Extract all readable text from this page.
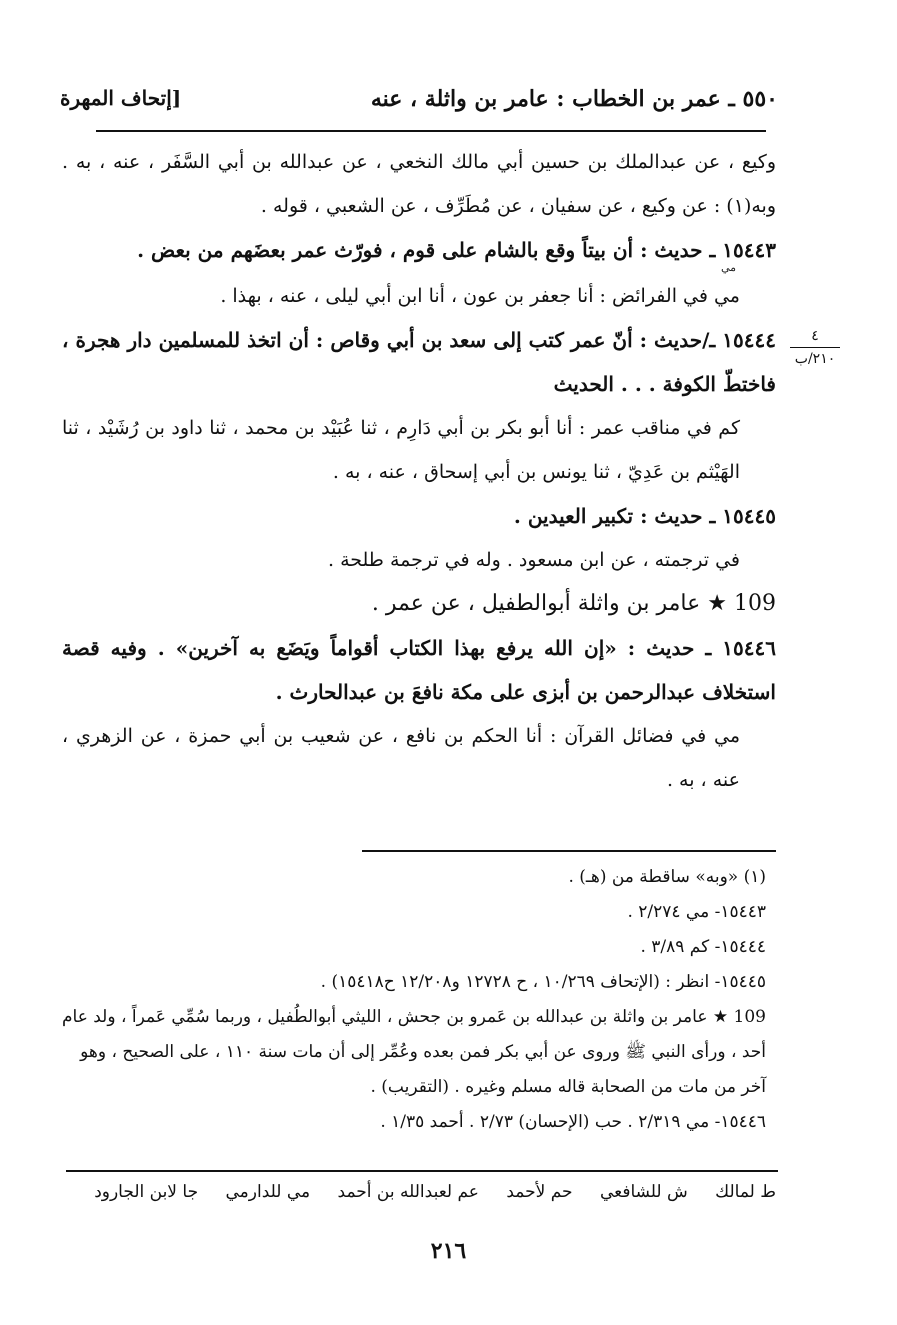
٥٥٠ ـ عمر بن الخطاب : عامر بن واثلة ، عنه
[إتحاف المهرة
٤
٢١٠/ب

وكيع ، عن عبدالملك بن حسين أبي مالك النخعي ، عن عبدالله بن أبي السَّفَر ، عنه ، به . وبه(١) : عن وكيع ، عن سفيان ، عن مُطَرِّف ، عن الشعبي ، قوله .

١٥٤٤٣ ـ حديث : أن بيتاً وقع بالشام على قوم ، فورّث عمر بعضَهم من بعض .

مي

مي في الفرائض : أنا جعفر بن عون ، أنا ابن أبي ليلى ، عنه ، بهذا .

١٥٤٤٤ ـ/حديث : أنّ عمر كتب إلى سعد بن أبي وقاص : أن اتخذ للمسلمين دار هجرة ، فاختطّ الكوفة . . . الحديث

كم في مناقب عمر : أنا أبو بكر بن أبي دَارِم ، ثنا عُبَيْد بن محمد ، ثنا داود بن رُشَيْد ، ثنا الهَيْثم بن عَدِيّ ، ثنا يونس بن أبي إسحاق ، عنه ، به .

١٥٤٤٥ ـ حديث : تكبير العيدين .

في ترجمته ، عن ابن مسعود . وله في ترجمة طلحة .

109 ★ عامر بن واثلة أبوالطفيل ، عن عمر .

١٥٤٤٦ ـ حديث : «إن الله يرفع بهذا الكتاب أقواماً ويَضَع به آخرين» . وفيه قصة استخلاف عبدالرحمن بن أبزى على مكة نافعَ بن عبدالحارث .

مي في فضائل القرآن : أنا الحكم بن نافع ، عن شعيب بن أبي حمزة ، عن الزهري ، عنه ، به .

(١) «وبه» ساقطة من (هـ) .

١٥٤٤٣- مي ٢/٢٧٤ .

١٥٤٤٤- كم ٣/٨٩ .

١٥٤٤٥- انظر : (الإتحاف ١٠/٢٦٩ ، ح ١٢٧٢٨ و١٢/٢٠٨ ح١٥٤١٨) .

109 ★ عامر بن واثلة بن عبدالله بن عَمرو بن جحش ، الليثي أبوالطُفيل ، وربما سُمِّي عَمراً ، ولد عام أحد ، ورأى النبي ﷺ وروى عن أبي بكر فمن بعده وعُمِّر إلى أن مات سنة ١١٠ ، على الصحيح ، وهو آخر من مات من الصحابة قاله مسلم وغيره . (التقريب) .

١٥٤٤٦- مي ٢/٣١٩ . حب (الإحسان) ٢/٧٣ . أحمد ١/٣٥ .

ط لمالك ش للشافعي حم لأحمد عم لعبدالله بن أحمد مي للدارمي جا لابن الجارود
٢١٦
